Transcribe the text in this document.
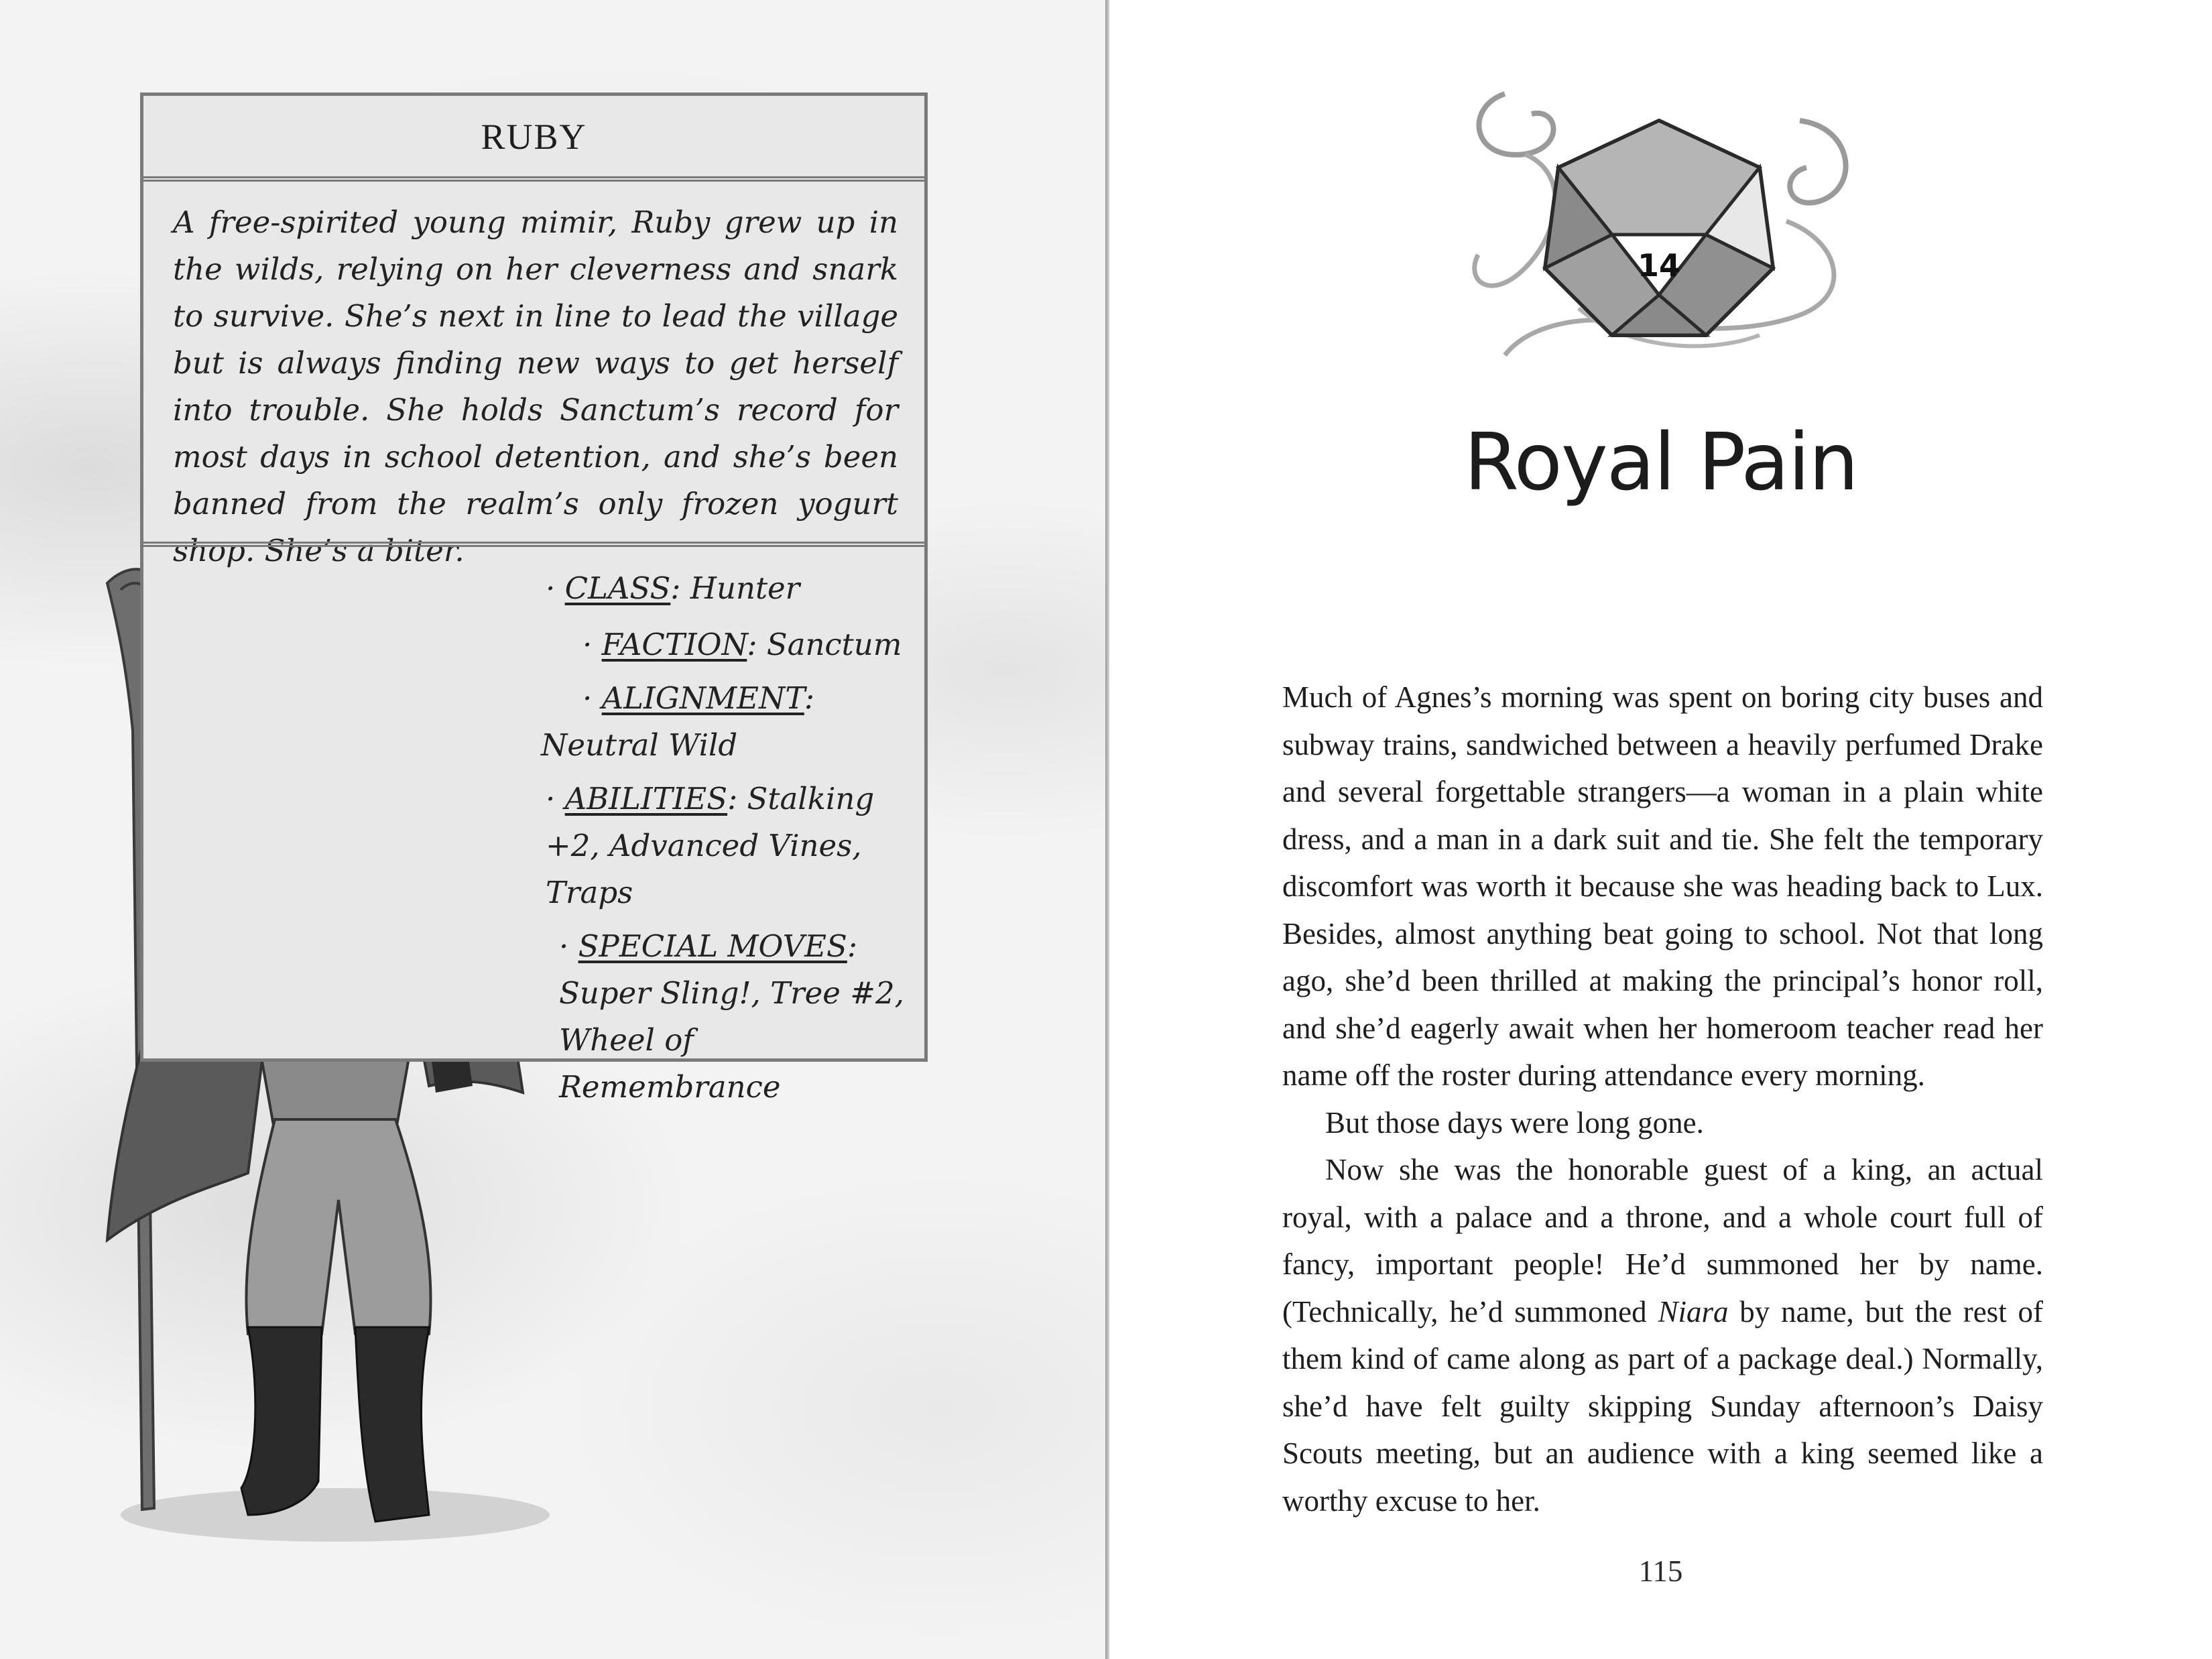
RUBY
A free-spirited young mimir, Ruby grew up in the wilds, relying on her cleverness and snark to survive. She’s next in line to lead the village but is always finding new ways to get herself into trouble. She holds Sanctum’s record for most days in school detention, and she’s been banned from the realm’s only frozen yogurt shop. She’s a biter.
· CLASS: Hunter
· FACTION: Sanctum
· ALIGNMENT:
Neutral Wild
· ABILITIES: Stalking +2, Advanced Vines, Traps
· SPECIAL MOVES: Super Sling!, Tree #2, Wheel of Remembrance
14
Royal Pain

Much of Agnes’s morning was spent on boring city buses and subway trains, sandwiched between a heavily perfumed Drake and several forgettable strangers—a woman in a plain white dress, and a man in a dark suit and tie. She felt the temporary discomfort was worth it because she was heading back to Lux. Besides, almost anything beat going to school. Not that long ago, she’d been thrilled at making the principal’s honor roll, and she’d eagerly await when her homeroom teacher read her name off the roster during attendance every morning.

But those days were long gone.

Now she was the honorable guest of a king, an actual royal, with a palace and a throne, and a whole court full of fancy, important people! He’d summoned her by name. (Technically, he’d summoned Niara by name, but the rest of them kind of came along as part of a package deal.) Normally, she’d have felt guilty skipping Sunday afternoon’s Daisy Scouts meeting, but an audience with a king seemed like a worthy excuse to her.

115
